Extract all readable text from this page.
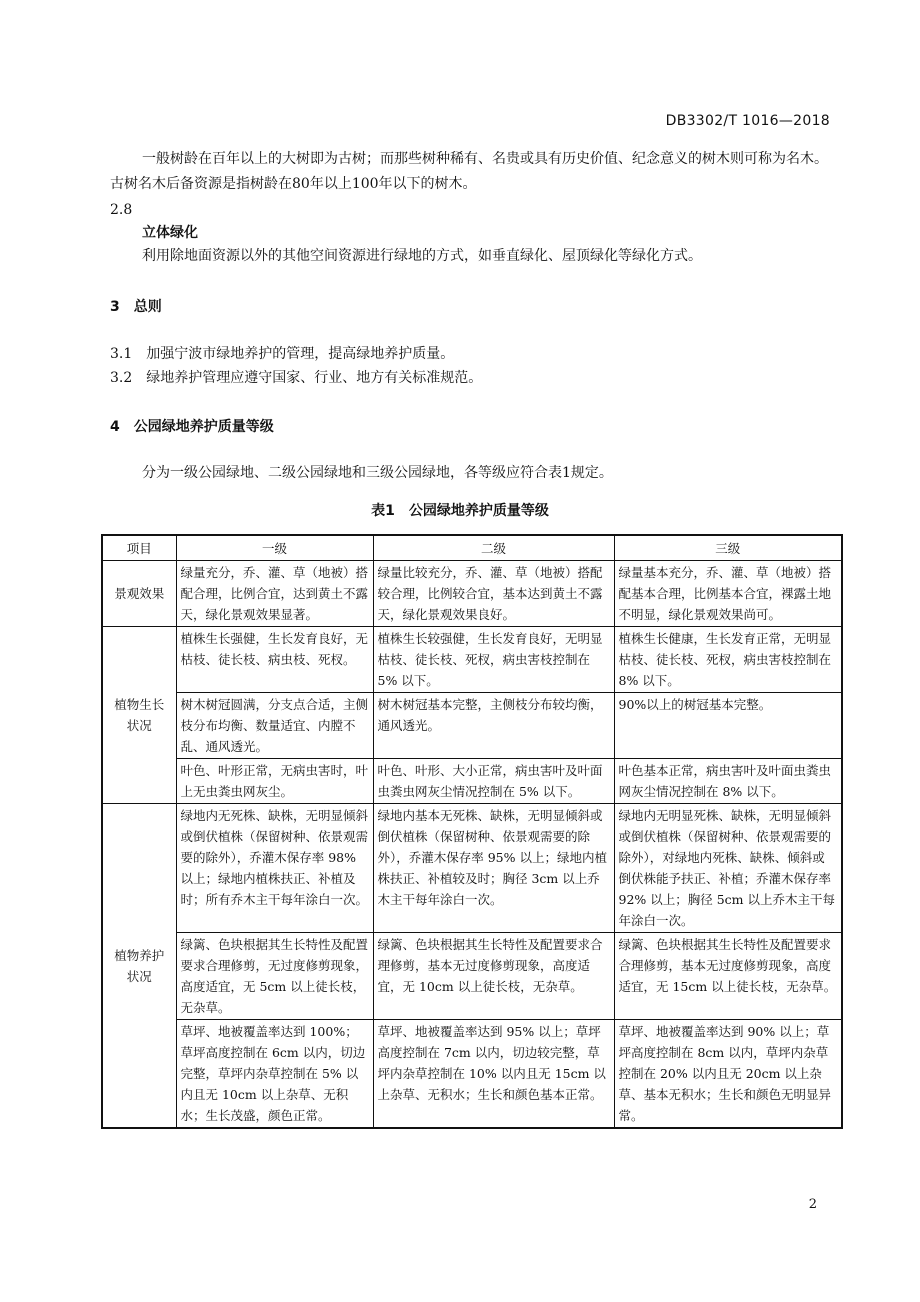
DB3302/T 1016—2018
一般树龄在百年以上的大树即为古树；而那些树种稀有、名贵或具有历史价值、纪念意义的树木则可称为名木。古树名木后备资源是指树龄在80年以上100年以下的树木。
2.8
立体绿化
利用除地面资源以外的其他空间资源进行绿地的方式，如垂直绿化、屋顶绿化等绿化方式。
3　总则
3.1　加强宁波市绿地养护的管理，提高绿地养护质量。
3.2　绿地养护管理应遵守国家、行业、地方有关标准规范。
4　公园绿地养护质量等级
分为一级公园绿地、二级公园绿地和三级公园绿地，各等级应符合表1规定。
表1　公园绿地养护质量等级
项目	一级	二级	三级
景观效果	绿量充分，乔、灌、草（地被）搭配合理，比例合宜，达到黄土不露天，绿化景观效果显著。	绿量比较充分，乔、灌、草（地被）搭配较合理，比例较合宜，基本达到黄土不露天，绿化景观效果良好。	绿量基本充分，乔、灌、草（地被）搭配基本合理，比例基本合宜，裸露土地不明显，绿化景观效果尚可。
植物生长状况	植株生长强健，生长发育良好，无枯枝、徒长枝、病虫枝、死杈。	植株生长较强健，生长发育良好，无明显枯枝、徒长枝、死杈，病虫害枝控制在 5% 以下。	植株生长健康，生长发育正常，无明显枯枝、徒长枝、死杈，病虫害枝控制在 8% 以下。
	树木树冠圆满，分支点合适，主侧枝分布均衡、数量适宜、内膛不乱、通风透光。	树木树冠基本完整，主侧枝分布较均衡，通风透光。	90%以上的树冠基本完整。
	叶色、叶形正常，无病虫害时，叶上无虫粪虫网灰尘。	叶色、叶形、大小正常，病虫害叶及叶面虫粪虫网灰尘情况控制在 5% 以下。	叶色基本正常，病虫害叶及叶面虫粪虫网灰尘情况控制在 8% 以下。
植物养护状况	绿地内无死株、缺株，无明显倾斜或倒伏植株（保留树种、依景观需要的除外），乔灌木保存率 98% 以上；绿地内植株扶正、补植及时；所有乔木主干每年涂白一次。	绿地内基本无死株、缺株，无明显倾斜或倒伏植株（保留树种、依景观需要的除外），乔灌木保存率 95% 以上；绿地内植株扶正、补植较及时；胸径 3cm 以上乔木主干每年涂白一次。	绿地内无明显死株、缺株，无明显倾斜或倒伏植株（保留树种、依景观需要的除外），对绿地内死株、缺株、倾斜或倒伏株能予扶正、补植；乔灌木保存率 92% 以上；胸径 5cm 以上乔木主干每年涂白一次。
	绿篱、色块根据其生长特性及配置要求合理修剪，无过度修剪现象，高度适宜，无 5cm 以上徒长枝，无杂草。	绿篱、色块根据其生长特性及配置要求合理修剪，基本无过度修剪现象，高度适宜，无 10cm 以上徒长枝，无杂草。	绿篱、色块根据其生长特性及配置要求合理修剪，基本无过度修剪现象，高度适宜，无 15cm 以上徒长枝，无杂草。
	草坪、地被覆盖率达到 100%；草坪高度控制在 6cm 以内，切边完整，草坪内杂草控制在 5% 以内且无 10cm 以上杂草、无积水；生长茂盛，颜色正常。	草坪、地被覆盖率达到 95% 以上；草坪高度控制在 7cm 以内，切边较完整，草坪内杂草控制在 10% 以内且无 15cm 以上杂草、无积水；生长和颜色基本正常。	草坪、地被覆盖率达到 90% 以上；草坪高度控制在 8cm 以内，草坪内杂草控制在 20% 以内且无 20cm 以上杂草、基本无积水；生长和颜色无明显异常。
2
